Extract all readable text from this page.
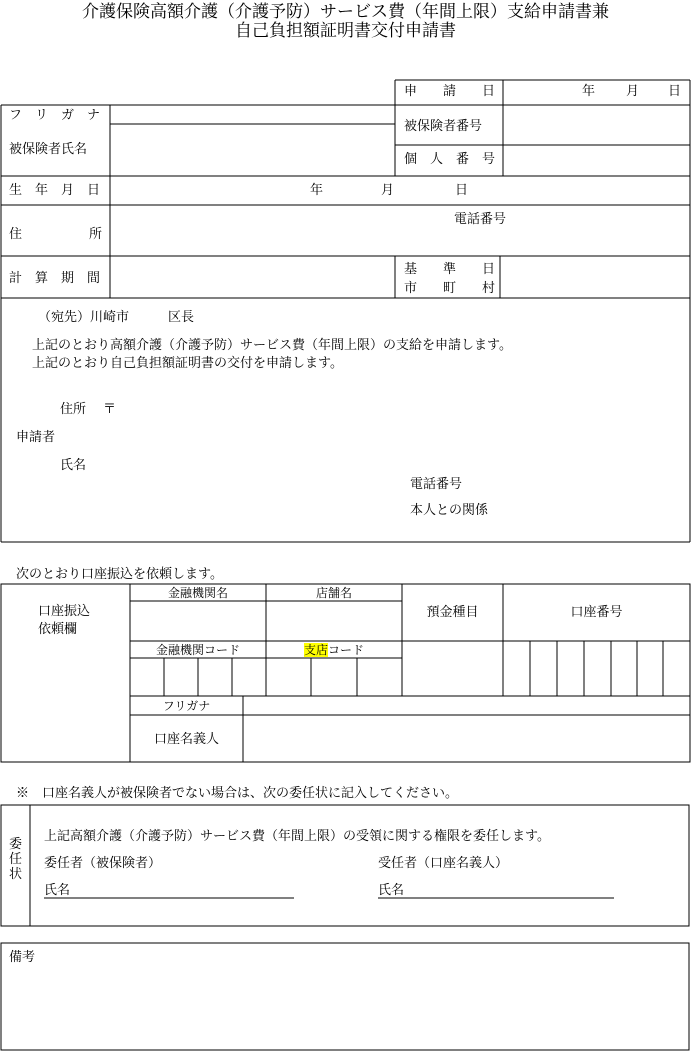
介護保険高額介護（介護予防）サービス費（年間上限）支給申請書兼
自己負担額証明書交付申請書
申　　請　　日	年 月 日
フ　リ　ガ　ナ
被保険者番号
被保険者氏名
個　人　番　号
生　年　月　日	年	月	日
住	所
電話番号
計　算　期　間
基　　準　　日
市　　町　　村
（宛先）川崎市　　　区長
上記のとおり高額介護（介護予防）サービス費（年間上限）の支給を申請します。
上記のとおり自己負担額証明書の交付を申請します。
住所 〒
申請者
氏名
電話番号
本人との関係
次のとおり口座振込を依頼します。
口座振込
依頼欄
金融機関名	店舗名
預金種目	口座番号
金融機関コード	支店コード
フリガナ
口座名義人
※　口座名義人が被保険者でない場合は、次の委任状に記入してください。
委
任
状
上記高額介護（介護予防）サービス費（年間上限）の受領に関する権限を委任します。
委任者（被保険者）	受任者（口座名義人）
氏名	氏名
備考
